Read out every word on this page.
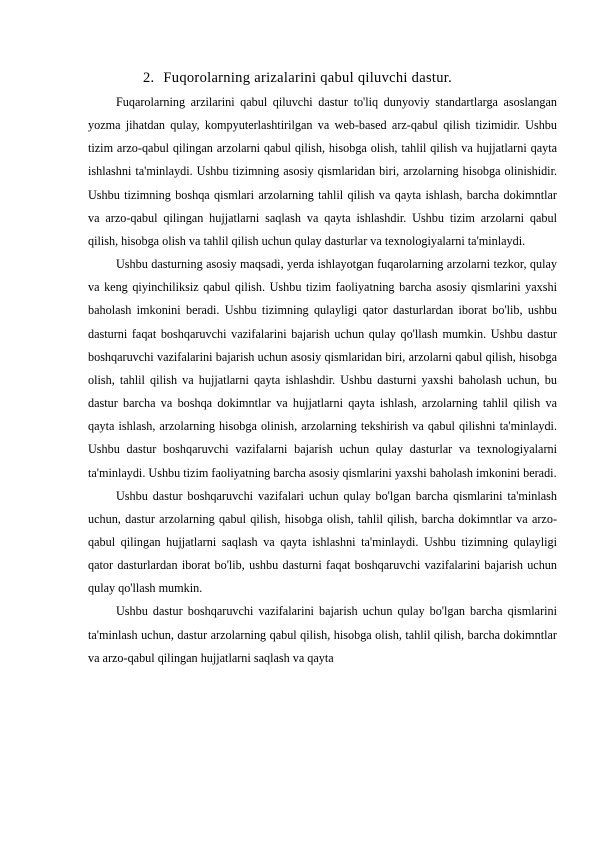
2. Fuqorolarning arizalarini qabul qiluvchi dastur.

Fuqarolarning arzilarini qabul qiluvchi dastur to'liq dunyoviy standartlarga asoslangan yozma jihatdan qulay, kompyuterlashtirilgan va web-based arz-qabul qilish tizimidir. Ushbu tizim arzo-qabul qilingan arzolarni qabul qilish, hisobga olish, tahlil qilish va hujjatlarni qayta ishlashni ta'minlaydi. Ushbu tizimning asosiy qismlaridan biri, arzolarning hisobga olinishidir. Ushbu tizimning boshqa qismlari arzolarning tahlil qilish va qayta ishlash, barcha dokimntlar va arzo-qabul qilingan hujjatlarni saqlash va qayta ishlashdir. Ushbu tizim arzolarni qabul qilish, hisobga olish va tahlil qilish uchun qulay dasturlar va texnologiyalarni ta'minlaydi.

Ushbu dasturning asosiy maqsadi, yerda ishlayotgan fuqarolarning arzolarni tezkor, qulay va keng qiyinchiliksiz qabul qilish. Ushbu tizim faoliyatning barcha asosiy qismlarini yaxshi baholash imkonini beradi. Ushbu tizimning qulayligi qator dasturlardan iborat bo'lib, ushbu dasturni faqat boshqaruvchi vazifalarini bajarish uchun qulay qo'llash mumkin. Ushbu dastur boshqaruvchi vazifalarini bajarish uchun asosiy qismlaridan biri, arzolarni qabul qilish, hisobga olish, tahlil qilish va hujjatlarni qayta ishlashdir. Ushbu dasturni yaxshi baholash uchun, bu dastur barcha va boshqa dokimntlar va hujjatlarni qayta ishlash, arzolarning tahlil qilish va qayta ishlash, arzolarning hisobga olinish, arzolarning tekshirish va qabul qilishni ta'minlaydi. Ushbu dastur boshqaruvchi vazifalarni bajarish uchun qulay dasturlar va texnologiyalarni ta'minlaydi. Ushbu tizim faoliyatning barcha asosiy qismlarini yaxshi baholash imkonini beradi.

Ushbu dastur boshqaruvchi vazifalari uchun qulay bo'lgan barcha qismlarini ta'minlash uchun, dastur arzolarning qabul qilish, hisobga olish, tahlil qilish, barcha dokimntlar va arzo-qabul qilingan hujjatlarni saqlash va qayta ishlashni ta'minlaydi. Ushbu tizimning qulayligi qator dasturlardan iborat bo'lib, ushbu dasturni faqat boshqaruvchi vazifalarini bajarish uchun qulay qo'llash mumkin.

Ushbu dastur boshqaruvchi vazifalarini bajarish uchun qulay bo'lgan barcha qismlarini ta'minlash uchun, dastur arzolarning qabul qilish, hisobga olish, tahlil qilish, barcha dokimntlar va arzo-qabul qilingan hujjatlarni saqlash va qayta
